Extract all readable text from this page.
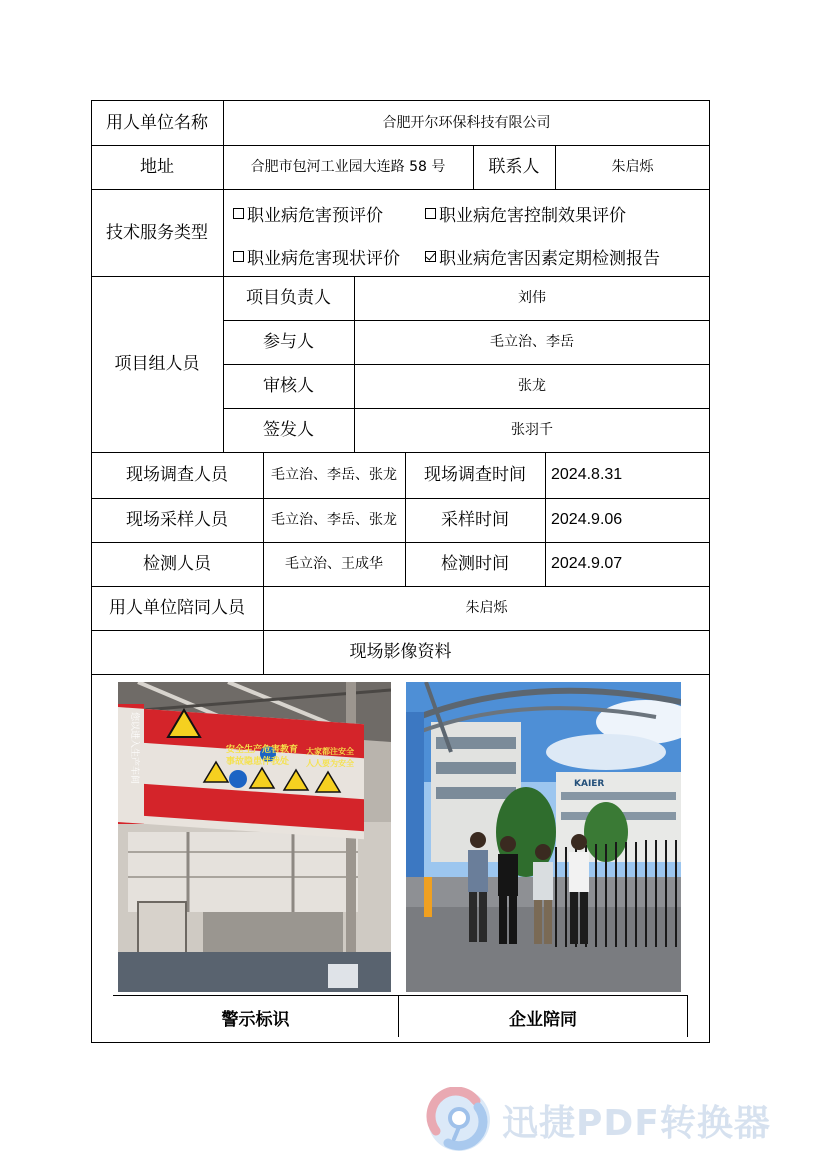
用人单位名称	合肥开尔环保科技有限公司
地址	合肥市包河工业园大连路 58 号	联系人	朱启烁
技术服务类型
职业病危害预评价	职业病危害控制效果评价
职业病危害现状评价 职业病危害因素定期检测报告
项目组人员
项目负责人	刘伟
参与人	毛立治、李岳
审核人	张龙
签发人	张羽千
现场调查人员	毛立治、李岳、张龙	现场调查时间	2024.8.31
现场采样人员	毛立治、李岳、张龙	采样时间	2024.9.06
检测人员	毛立治、王成华	检测时间	2024.9.07
用人单位陪同人员	朱启烁
现场影像资料
您以进入生产车间	安全生产危害教育
事故隐患伴我处
大家都注安全
人人要为安全
KAIER
警示标识	企业陪同
迅捷PDF转换器
